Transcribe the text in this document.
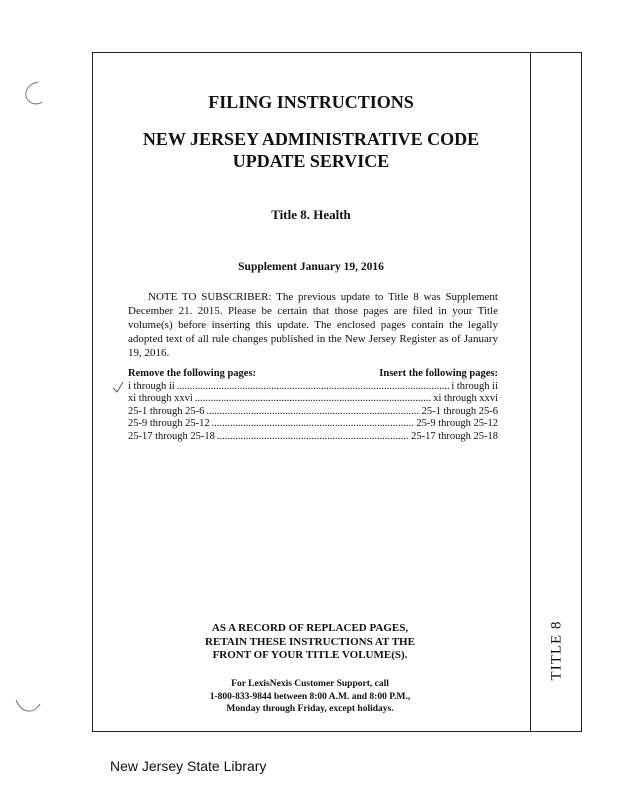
TITLE 8
FILING INSTRUCTIONS
NEW JERSEY ADMINISTRATIVE CODE
UPDATE SERVICE
Title 8. Health
Supplement January 19, 2016
NOTE TO SUBSCRIBER: The previous update to Title 8 was Supplement December 21. 2015. Please be certain that those pages are filed in your Title volume(s) before inserting this update. The enclosed pages contain the legally adopted text of all rule changes published in the New Jersey Register as of January 19, 2016.
Remove the following pages:	Insert the following pages:
i through ii .....	i through ii
xi through xxvi .....	xi through xxvi
25-1 through 25-6 .....	25-1 through 25-6
25-9 through 25-12 .....	25-9 through 25-12
25-17 through 25-18 .....	25-17 through 25-18
AS A RECORD OF REPLACED PAGES,
RETAIN THESE INSTRUCTIONS AT THE
FRONT OF YOUR TITLE VOLUME(S).
For LexisNexis Customer Support, call
1-800-833-9844 between 8:00 A.M. and 8:00 P.M.,
Monday through Friday, except holidays.
New Jersey State Library
